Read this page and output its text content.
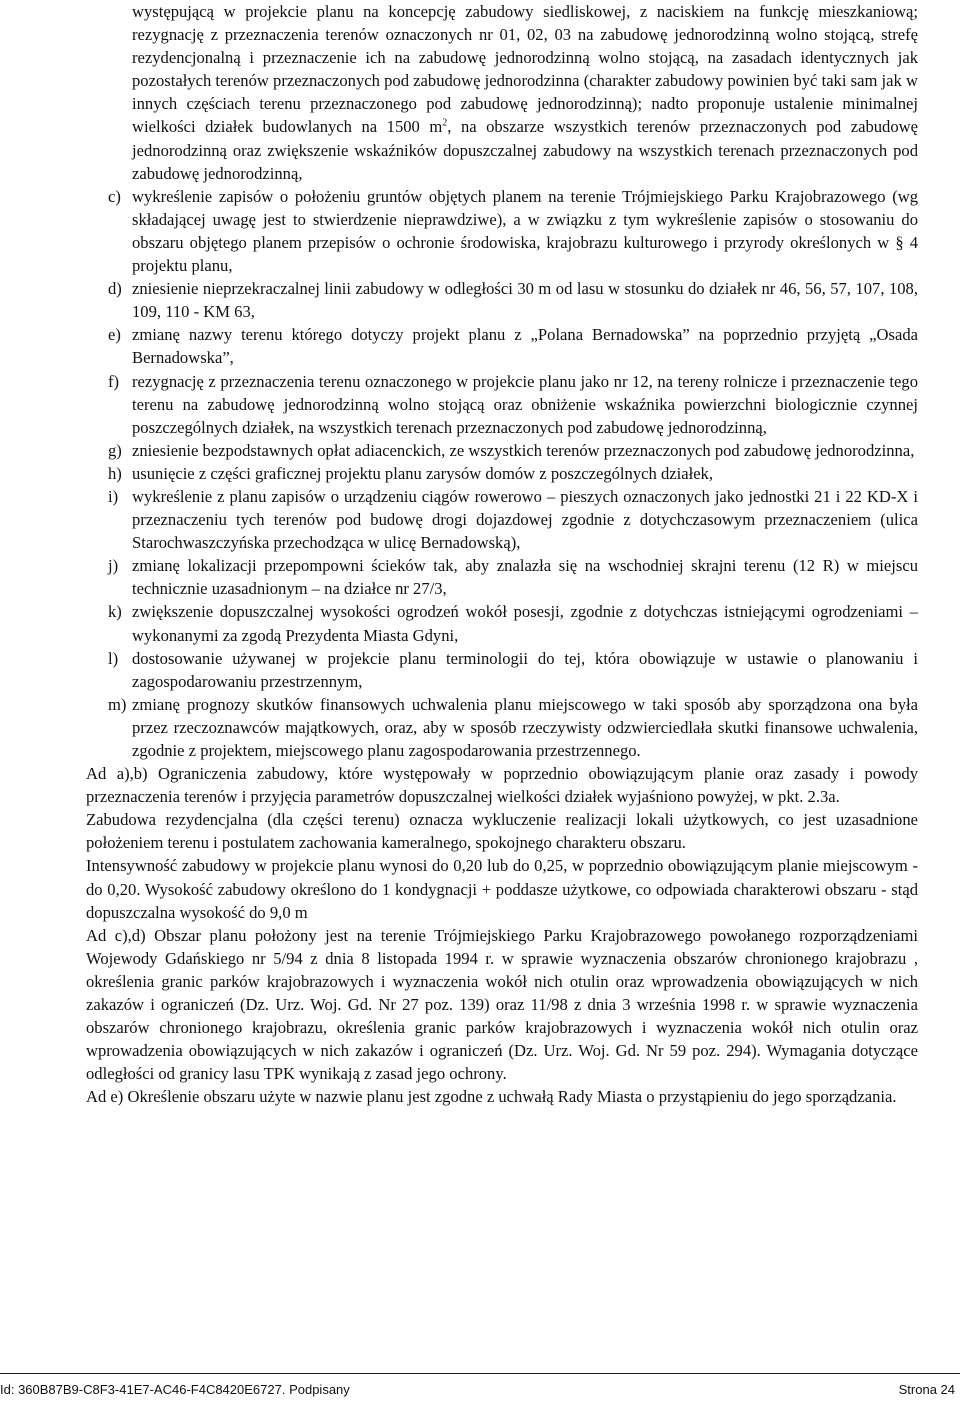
występującą w projekcie planu na koncepcję zabudowy siedliskowej, z naciskiem na funkcję mieszkaniową; rezygnację z przeznaczenia terenów oznaczonych nr 01, 02, 03 na zabudowę jednorodzinną wolno stojącą, strefę rezydencjonalną i przeznaczenie ich na zabudowę jednorodzinną wolno stojącą, na zasadach identycznych jak pozostałych terenów przeznaczonych pod zabudowę jednorodzinna (charakter zabudowy powinien być taki sam jak w innych częściach terenu przeznaczonego pod zabudowę jednorodzinną); nadto proponuje ustalenie minimalnej wielkości działek budowlanych na 1500 $m^2$, na obszarze wszystkich terenów przeznaczonych pod zabudowę jednorodzinną oraz zwiększenie wskaźników dopuszczalnej zabudowy na wszystkich terenach przeznaczonych pod zabudowę jednorodzinną,
c) wykreślenie zapisów o położeniu gruntów objętych planem na terenie Trójmiejskiego Parku Krajobrazowego (wg składającej uwagę jest to stwierdzenie nieprawdziwe), a w związku z tym wykreślenie zapisów o stosowaniu do obszaru objętego planem przepisów o ochronie środowiska, krajobrazu kulturowego i przyrody określonych w § 4 projektu planu,
d) zniesienie nieprzekraczalnej linii zabudowy w odległości 30 m od lasu w stosunku do działek nr 46, 56, 57, 107, 108, 109, 110 - KM 63,
e) zmianę nazwy terenu którego dotyczy projekt planu z „Polana Bernadowska” na poprzednio przyjętą „Osada Bernadowska”,
f) rezygnację z przeznaczenia terenu oznaczonego w projekcie planu jako nr 12, na tereny rolnicze i przeznaczenie tego terenu na zabudowę jednorodzinną wolno stojącą oraz obniżenie wskaźnika powierzchni biologicznie czynnej poszczególnych działek, na wszystkich terenach przeznaczonych pod zabudowę jednorodzinną,
g) zniesienie bezpodstawnych opłat adiacenckich, ze wszystkich terenów przeznaczonych pod zabudowę jednorodzinna,
h) usunięcie z części graficznej projektu planu zarysów domów z poszczególnych działek,
i) wykreślenie z planu zapisów o urządzeniu ciągów rowerowo – pieszych oznaczonych jako jednostki 21 i 22 KD-X i przeznaczeniu tych terenów pod budowę drogi dojazdowej zgodnie z dotychczasowym przeznaczeniem (ulica Starochwaszczyńska przechodząca w ulicę Bernadowską),
j) zmianę lokalizacji przepompowni ścieków tak, aby znalazła się na wschodniej skrajni terenu (12 R) w miejscu technicznie uzasadnionym – na działce nr 27/3,
k) zwiększenie dopuszczalnej wysokości ogrodzeń wokół posesji, zgodnie z dotychczas istniejącymi ogrodzeniami – wykonanymi za zgodą Prezydenta Miasta Gdyni,
l) dostosowanie używanej w projekcie planu terminologii do tej, która obowiązuje w ustawie o planowaniu i zagospodarowaniu przestrzennym,
m) zmianę prognozy skutków finansowych uchwalenia planu miejscowego w taki sposób aby sporządzona ona była przez rzeczoznawców majątkowych, oraz, aby w sposób rzeczywisty odzwierciedlała skutki finansowe uchwalenia, zgodnie z projektem, miejscowego planu zagospodarowania przestrzennego.

Ad a),b) Ograniczenia zabudowy, które występowały w poprzednio obowiązującym planie oraz zasady i powody przeznaczenia terenów i przyjęcia parametrów dopuszczalnej wielkości działek wyjaśniono powyżej, w pkt. 2.3a.

Zabudowa rezydencjalna (dla części terenu) oznacza wykluczenie realizacji lokali użytkowych, co jest uzasadnione położeniem terenu i postulatem zachowania kameralnego, spokojnego charakteru obszaru.

Intensywność zabudowy w projekcie planu wynosi do 0,20 lub do 0,25, w poprzednio obowiązującym planie miejscowym - do 0,20. Wysokość zabudowy określono do 1 kondygnacji + poddasze użytkowe, co odpowiada charakterowi obszaru - stąd dopuszczalna wysokość do 9,0 m

Ad c),d) Obszar planu położony jest na terenie Trójmiejskiego Parku Krajobrazowego powołanego rozporządzeniami Wojewody Gdańskiego nr 5/94 z dnia 8 listopada 1994 r. w sprawie wyznaczenia obszarów chronionego krajobrazu , określenia granic parków krajobrazowych i wyznaczenia wokół nich otulin oraz wprowadzenia obowiązujących w nich zakazów i ograniczeń (Dz. Urz. Woj. Gd. Nr 27 poz. 139) oraz 11/98 z dnia 3 września 1998 r. w sprawie wyznaczenia obszarów chronionego krajobrazu, określenia granic parków krajobrazowych i wyznaczenia wokół nich otulin oraz wprowadzenia obowiązujących w nich zakazów i ograniczeń (Dz. Urz. Woj. Gd. Nr 59 poz. 294). Wymagania dotyczące odległości od granicy lasu TPK wynikają z zasad jego ochrony.

Ad e) Określenie obszaru użyte w nazwie planu jest zgodne z uchwałą Rady Miasta o przystąpieniu do jego sporządzania.

Id: 360B87B9-C8F3-41E7-AC46-F4C8420E6727. Podpisany	Strona 24
